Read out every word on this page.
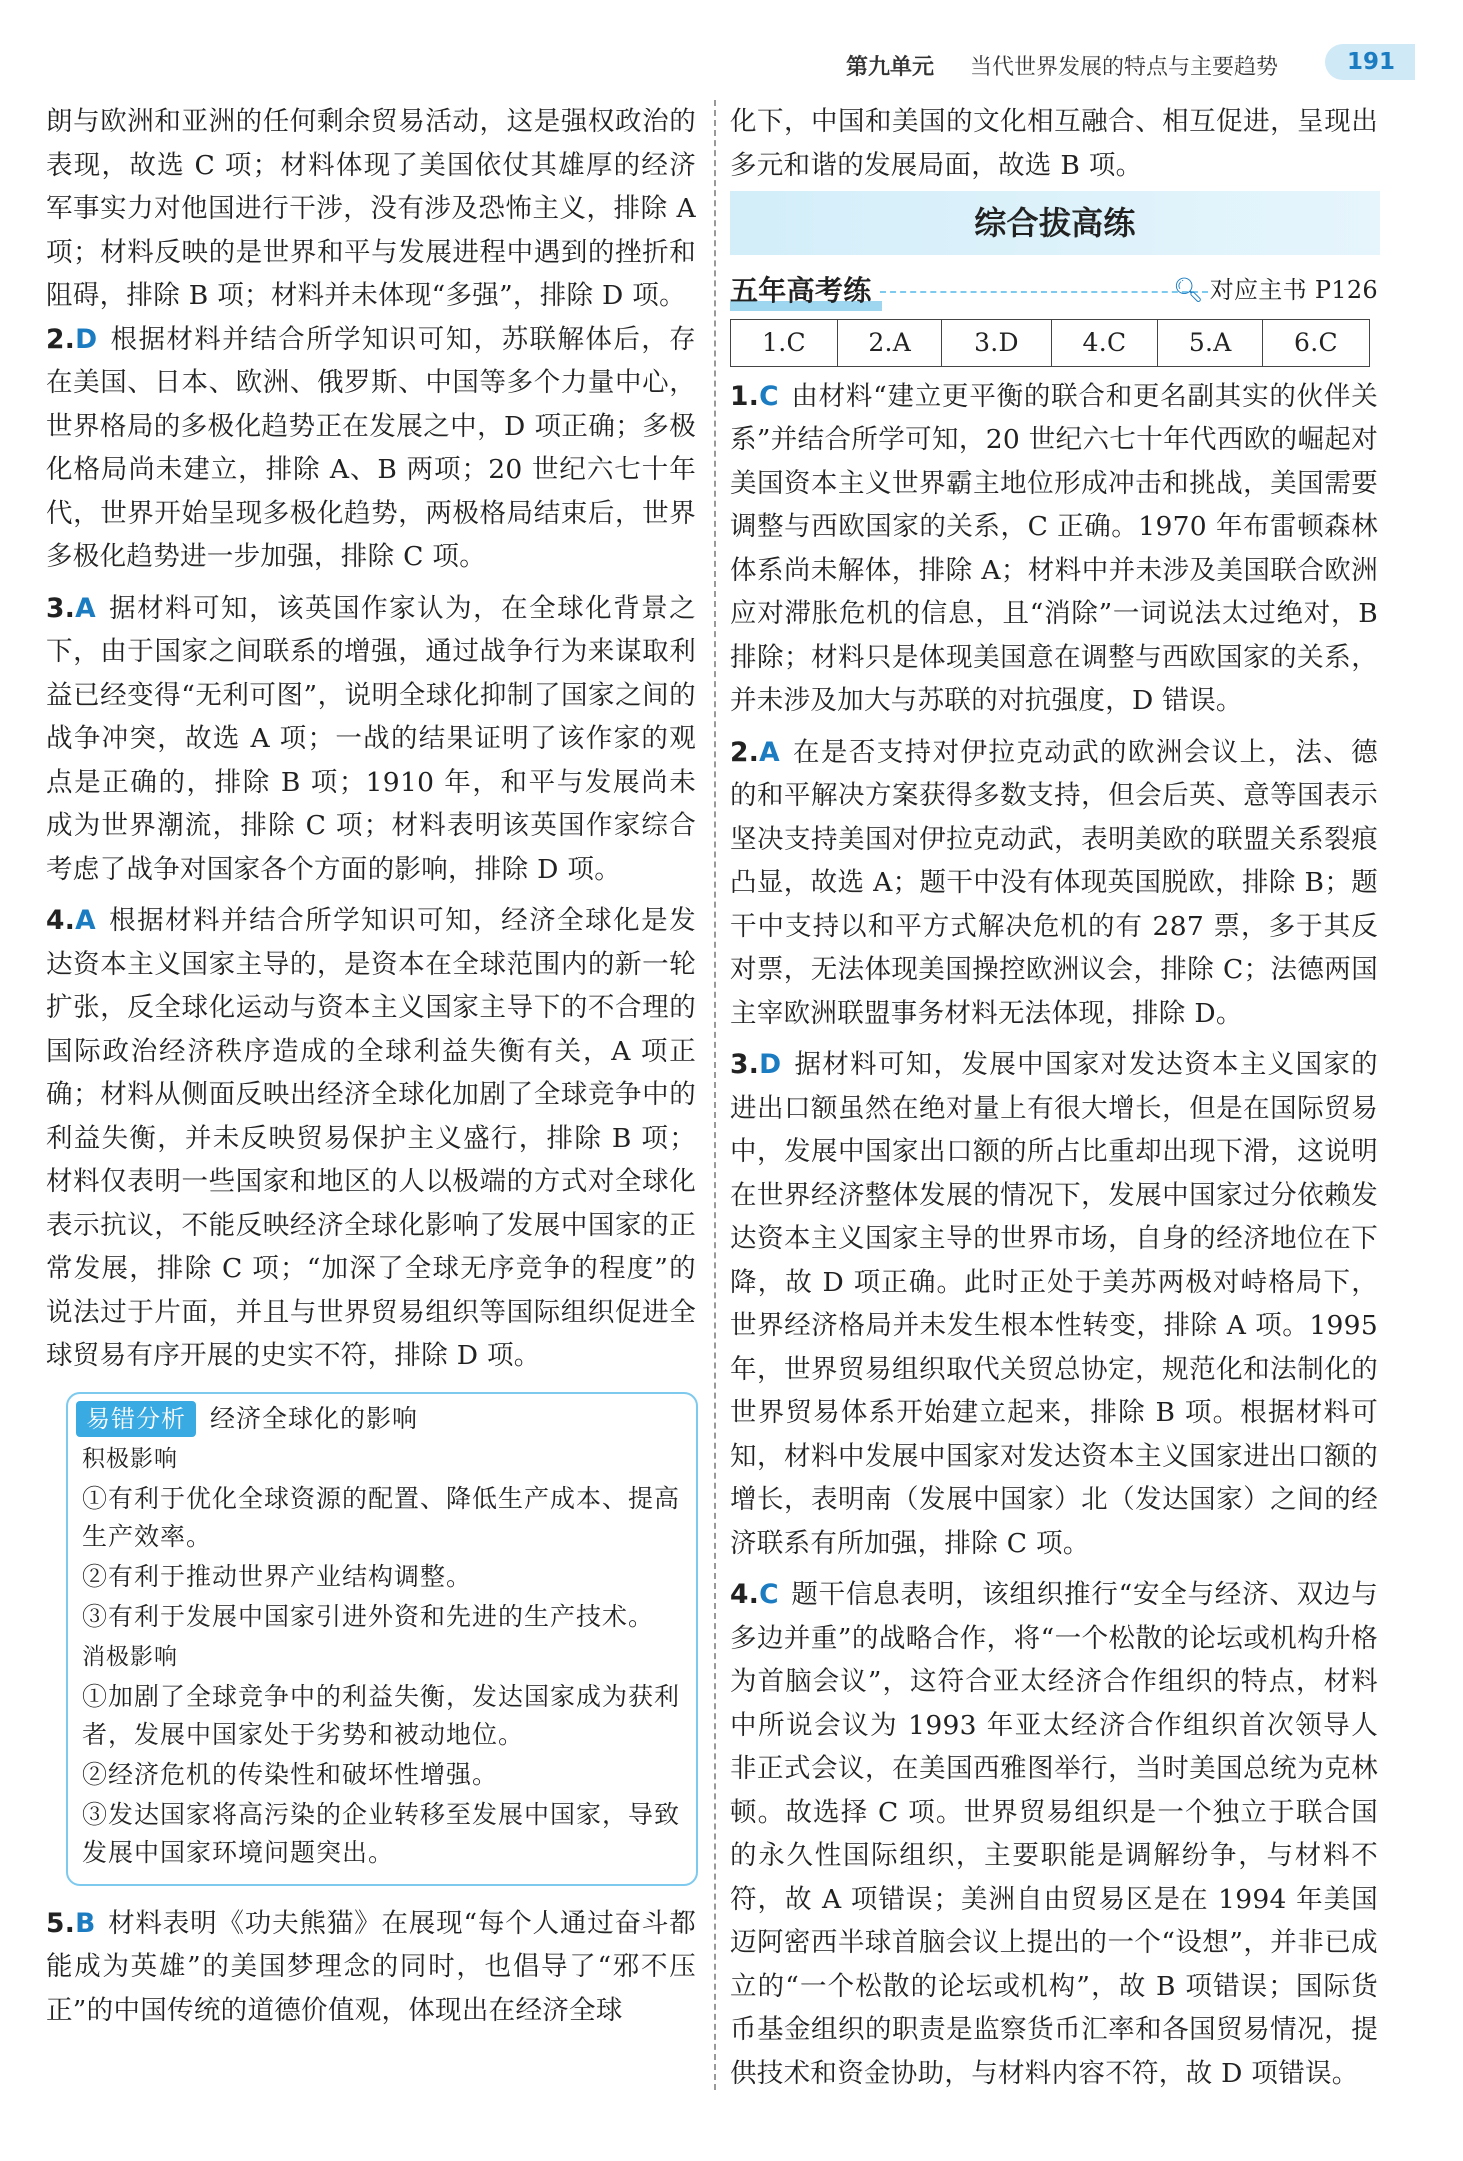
第九单元 当代世界发展的特点与主要趋势	191

朗与欧洲和亚洲的任何剩余贸易活动，这是强权政治的表现，故选 C 项；材料体现了美国依仗其雄厚的经济军事实力对他国进行干涉，没有涉及恐怖主义，排除 A 项；材料反映的是世界和平与发展进程中遇到的挫折和阻碍，排除 B 项；材料并未体现“多强”，排除 D 项。

2.D 根据材料并结合所学知识可知，苏联解体后，存在美国、日本、欧洲、俄罗斯、中国等多个力量中心，世界格局的多极化趋势正在发展之中，D 项正确；多极化格局尚未建立，排除 A、B 两项；20 世纪六七十年代，世界开始呈现多极化趋势，两极格局结束后，世界多极化趋势进一步加强，排除 C 项。

3.A 据材料可知，该英国作家认为，在全球化背景之下，由于国家之间联系的增强，通过战争行为来谋取利益已经变得“无利可图”，说明全球化抑制了国家之间的战争冲突，故选 A 项；一战的结果证明了该作家的观点是正确的，排除 B 项；1910 年，和平与发展尚未成为世界潮流，排除 C 项；材料表明该英国作家综合考虑了战争对国家各个方面的影响，排除 D 项。

4.A 根据材料并结合所学知识可知，经济全球化是发达资本主义国家主导的，是资本在全球范围内的新一轮扩张，反全球化运动与资本主义国家主导下的不合理的国际政治经济秩序造成的全球利益失衡有关，A 项正确；材料从侧面反映出经济全球化加剧了全球竞争中的利益失衡，并未反映贸易保护主义盛行，排除 B 项；材料仅表明一些国家和地区的人以极端的方式对全球化表示抗议，不能反映经济全球化影响了发展中国家的正常发展，排除 C 项；“加深了全球无序竞争的程度”的说法过于片面，并且与世界贸易组织等国际组织促进全球贸易有序开展的史实不符，排除 D 项。

易错分析 经济全球化的影响

积极影响

①有利于优化全球资源的配置、降低生产成本、提高生产效率。

②有利于推动世界产业结构调整。

③有利于发展中国家引进外资和先进的生产技术。

消极影响

①加剧了全球竞争中的利益失衡，发达国家成为获利者，发展中国家处于劣势和被动地位。

②经济危机的传染性和破坏性增强。

③发达国家将高污染的企业转移至发展中国家，导致发展中国家环境问题突出。

5.B 材料表明《功夫熊猫》在展现“每个人通过奋斗都能成为英雄”的美国梦理念的同时，也倡导了“邪不压正”的中国传统的道德价值观，体现出在经济全球

化下，中国和美国的文化相互融合、相互促进，呈现出多元和谐的发展局面，故选 B 项。

综合拔高练
五年高考练	🔍︎ 对应主书 P126
1.C	2.A	3.D	4.C	5.A	6.C

1.C 由材料“建立更平衡的联合和更名副其实的伙伴关系”并结合所学可知，20 世纪六七十年代西欧的崛起对美国资本主义世界霸主地位形成冲击和挑战，美国需要调整与西欧国家的关系，C 正确。1970 年布雷顿森林体系尚未解体，排除 A；材料中并未涉及美国联合欧洲应对滞胀危机的信息，且“消除”一词说法太过绝对，B 排除；材料只是体现美国意在调整与西欧国家的关系，并未涉及加大与苏联的对抗强度，D 错误。

2.A 在是否支持对伊拉克动武的欧洲会议上，法、德的和平解决方案获得多数支持，但会后英、意等国表示坚决支持美国对伊拉克动武，表明美欧的联盟关系裂痕凸显，故选 A；题干中没有体现英国脱欧，排除 B；题干中支持以和平方式解决危机的有 287 票，多于其反对票，无法体现美国操控欧洲议会，排除 C；法德两国主宰欧洲联盟事务材料无法体现，排除 D。

3.D 据材料可知，发展中国家对发达资本主义国家的进出口额虽然在绝对量上有很大增长，但是在国际贸易中，发展中国家出口额的所占比重却出现下滑，这说明在世界经济整体发展的情况下，发展中国家过分依赖发达资本主义国家主导的世界市场，自身的经济地位在下降，故 D 项正确。此时正处于美苏两极对峙格局下，世界经济格局并未发生根本性转变，排除 A 项。1995 年，世界贸易组织取代关贸总协定，规范化和法制化的世界贸易体系开始建立起来，排除 B 项。根据材料可知，材料中发展中国家对发达资本主义国家进出口额的增长，表明南（发展中国家）北（发达国家）之间的经济联系有所加强，排除 C 项。

4.C 题干信息表明，该组织推行“安全与经济、双边与多边并重”的战略合作，将“一个松散的论坛或机构升格为首脑会议”，这符合亚太经济合作组织的特点，材料中所说会议为 1993 年亚太经济合作组织首次领导人非正式会议，在美国西雅图举行，当时美国总统为克林顿。故选择 C 项。世界贸易组织是一个独立于联合国的永久性国际组织，主要职能是调解纷争，与材料不符，故 A 项错误；美洲自由贸易区是在 1994 年美国迈阿密西半球首脑会议上提出的一个“设想”，并非已成立的“一个松散的论坛或机构”，故 B 项错误；国际货币基金组织的职责是监察货币汇率和各国贸易情况，提供技术和资金协助，与材料内容不符，故 D 项错误。
